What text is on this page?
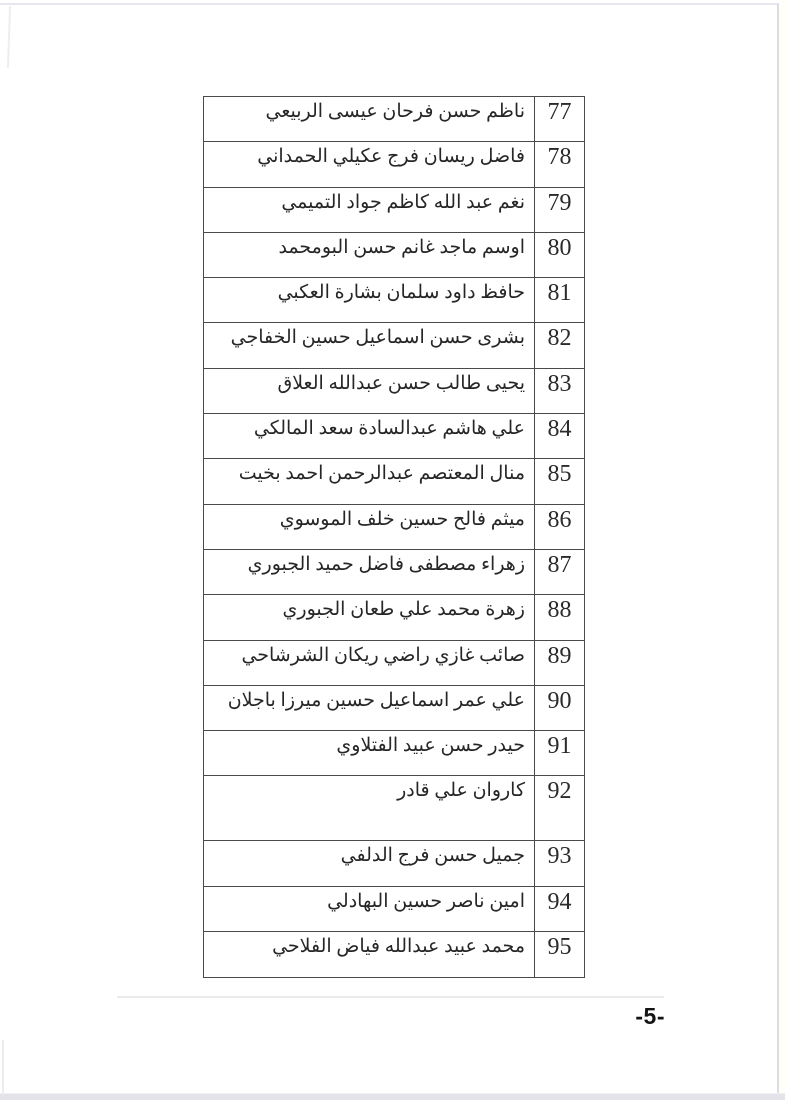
ناظم حسن فرحان عيسى الربيعي 77
فاضل ريسان فرج عكيلي الحمداني 78
نغم عبد الله كاظم جواد التميمي 79
اوسم ماجد غانم حسن البومحمد 80
حافظ داود سلمان بشارة العكبي 81
بشرى حسن اسماعيل حسين الخفاجي 82
يحيى طالب حسن عبدالله العلاق 83
علي هاشم عبدالسادة سعد المالكي 84
منال المعتصم عبدالرحمن احمد بخيت 85
ميثم فالح حسين خلف الموسوي 86
زهراء مصطفى فاضل حميد الجبوري 87
زهرة محمد علي طعان الجبوري 88
صائب غازي راضي ريكان الشرشاحي 89
علي عمر اسماعيل حسين ميرزا باجلان 90
حيدر حسن عبيد الفتلاوي 91
كاروان علي قادر 92
جميل حسن فرج الدلفي 93
امين ناصر حسين البهادلي 94
محمد عبيد عبدالله فياض الفلاحي 95
-5-
